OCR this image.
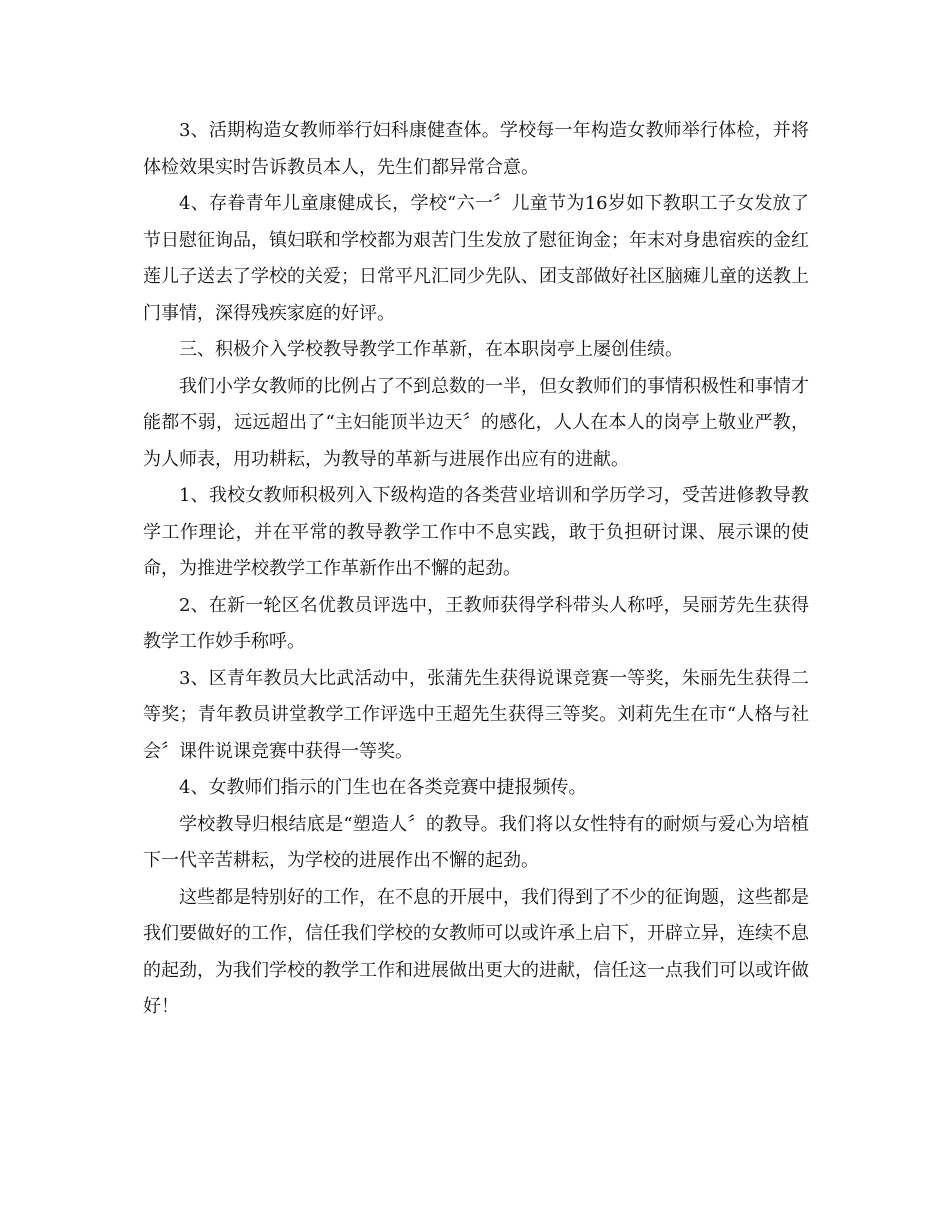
3、活期构造女教师举行妇科康健查体。学校每一年构造女教师举行体检，并将体检效果实时告诉教员本人，先生们都异常合意。

4、存眷青年儿童康健成长，学校“六一〞儿童节为16岁如下教职工子女发放了节日慰征询品，镇妇联和学校都为艰苦门生发放了慰征询金；年末对身患宿疾的金红莲儿子送去了学校的关爱；日常平凡汇同少先队、团支部做好社区脑瘫儿童的送教上门事情，深得残疾家庭的好评。

三、积极介入学校教导教学工作革新，在本职岗亭上屡创佳绩。

我们小学女教师的比例占了不到总数的一半，但女教师们的事情积极性和事情才能都不弱，远远超出了“主妇能顶半边天〞的感化，人人在本人的岗亭上敬业严教，为人师表，用功耕耘，为教导的革新与进展作出应有的进献。

1、我校女教师积极列入下级构造的各类营业培训和学历学习，受苦进修教导教学工作理论，并在平常的教导教学工作中不息实践，敢于负担研讨课、展示课的使命，为推进学校教学工作革新作出不懈的起劲。

2、在新一轮区名优教员评选中，王教师获得学科带头人称呼，吴丽芳先生获得教学工作妙手称呼。

3、区青年教员大比武活动中，张蒲先生获得说课竞赛一等奖，朱丽先生获得二等奖；青年教员讲堂教学工作评选中王超先生获得三等奖。刘莉先生在市“人格与社会〞课件说课竞赛中获得一等奖。

4、女教师们指示的门生也在各类竞赛中捷报频传。

学校教导归根结底是“塑造人〞的教导。我们将以女性特有的耐烦与爱心为培植下一代辛苦耕耘，为学校的进展作出不懈的起劲。

这些都是特别好的工作，在不息的开展中，我们得到了不少的征询题，这些都是我们要做好的工作，信任我们学校的女教师可以或许承上启下，开辟立异，连续不息的起劲，为我们学校的教学工作和进展做出更大的进献，信任这一点我们可以或许做好！
